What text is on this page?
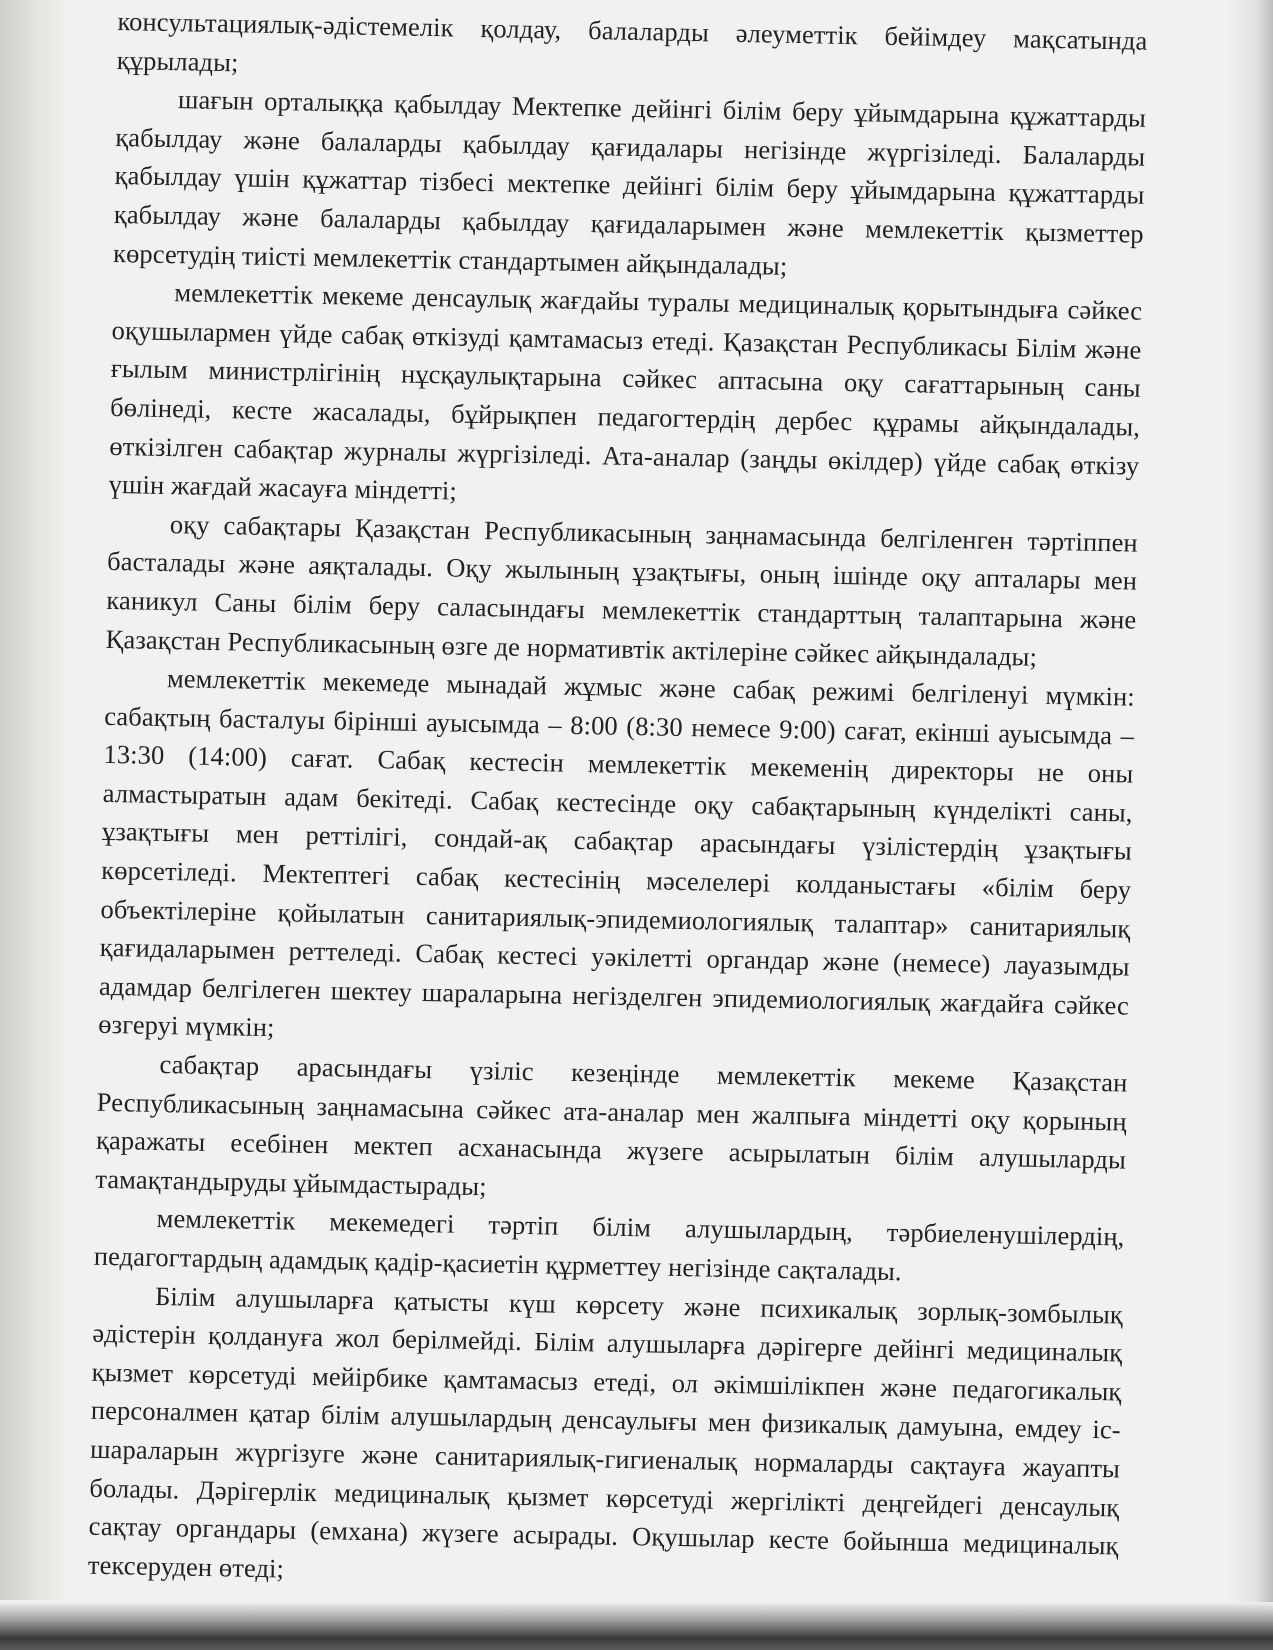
консультациялық-әдістемелік қолдау, балаларды әлеуметтік бейімдеу мақсатында құрылады;

шағын орталыққа қабылдау Мектепке дейінгі білім беру ұйымдарына құжаттарды қабылдау және балаларды қабылдау қағидалары негізінде жүргізіледі. Балаларды қабылдау үшін құжаттар тізбесі мектепке дейінгі білім беру ұйымдарына құжаттарды қабылдау және балаларды қабылдау қағидаларымен және мемлекеттік қызметтер көрсетудің тиісті мемлекеттік стандартымен айқындалады;

мемлекеттік мекеме денсаулық жағдайы туралы медициналық қорытындыға сәйкес оқушылармен үйде сабақ өткізуді қамтамасыз етеді. Қазақстан Республикасы Білім және ғылым министрлігінің нұсқаулықтарына сәйкес аптасына оқу сағаттарының саны бөлінеді, кесте жасалады, бұйрықпен педагогтердің дербес құрамы айқындалады, өткізілген сабақтар журналы жүргізіледі. Ата-аналар (заңды өкілдер) үйде сабақ өткізу үшін жағдай жасауға міндетті;

оқу сабақтары Қазақстан Республикасының заңнамасында белгіленген тәртіппен басталады және аяқталады. Оқу жылының ұзақтығы, оның ішінде оқу апталары мен каникул Саны білім беру саласындағы мемлекеттік стандарттың талаптарына және Қазақстан Республикасының өзге де нормативтік актілеріне сәйкес айқындалады;

мемлекеттік мекемеде мынадай жұмыс және сабақ режимі белгіленуі мүмкін: сабақтың басталуы бірінші ауысымда – 8:00 (8:30 немесе 9:00) сағат, екінші ауысымда – 13:30 (14:00) сағат. Сабақ кестесін мемлекеттік мекеменің директоры не оны алмастыратын адам бекітеді. Сабақ кестесінде оқу сабақтарының күнделікті саны, ұзақтығы мен реттілігі, сондай-ақ сабақтар арасындағы үзілістердің ұзақтығы көрсетіледі. Мектептегі сабақ кестесінің мәселелері колданыстағы «білім беру объектілеріне қойылатын санитариялық-эпидемиологиялық талаптар» санитариялық қағидаларымен реттеледі. Сабақ кестесі уәкілетті органдар және (немесе) лауазымды адамдар белгілеген шектеу шараларына негізделген эпидемиологиялық жағдайға сәйкес өзгеруі мүмкін;

сабақтар арасындағы үзіліс кезеңінде мемлекеттік мекеме Қазақстан Республикасының заңнамасына сәйкес ата-аналар мен жалпыға міндетті оқу қорының қаражаты есебінен мектеп асханасында жүзеге асырылатын білім алушыларды тамақтандыруды ұйымдастырады;

мемлекеттік мекемедегі тәртіп білім алушылардың, тәрбиеленушілердің, педагогтардың адамдық қадір-қасиетін құрметтеу негізінде сақталады.

Білім алушыларға қатысты күш көрсету және психикалық зорлық-зомбылық әдістерін қолдануға жол берілмейді. Білім алушыларға дәрігерге дейінгі медициналық қызмет көрсетуді мейірбике қамтамасыз етеді, ол әкімшілікпен және педагогикалық персоналмен қатар білім алушылардың денсаулығы мен физикалық дамуына, емдеу іс-шараларын жүргізуге және санитариялық-гигиеналық нормаларды сақтауға жауапты болады. Дәрігерлік медициналық қызмет көрсетуді жергілікті деңгейдегі денсаулық сақтау органдары (емхана) жүзеге асырады. Оқушылар кесте бойынша медициналық тексеруден өтеді;
